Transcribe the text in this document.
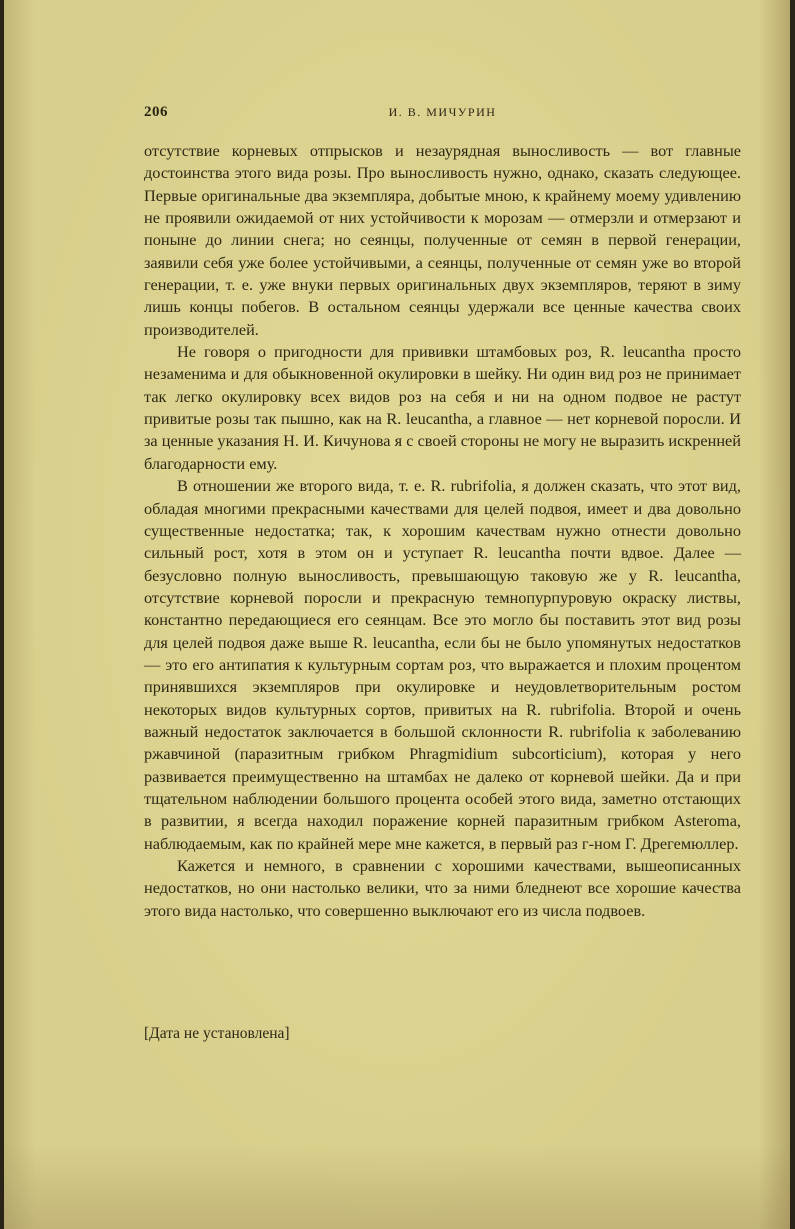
206	И. В. МИЧУРИН

отсутствие корневых отпрысков и незаурядная выносливость — вот главные достоинства этого вида розы. Про выносливость нужно, однако, сказать следующее. Первые оригинальные два экземпляра, добытые мною, к крайнему моему удивлению не проявили ожидаемой от них устойчивости к морозам — отмерзли и отмерзают и поныне до линии снега; но сеянцы, полученные от семян в первой генерации, заявили себя уже более устойчивыми, а сеянцы, полученные от семян уже во второй генерации, т. е. уже внуки первых оригинальных двух экземпляров, теряют в зиму лишь концы побегов. В остальном сеянцы удержали все ценные качества своих производителей.

Не говоря о пригодности для прививки штамбовых роз, R. leucantha просто незаменима и для обыкновенной окулировки в шейку. Ни один вид роз не принимает так легко окулировку всех видов роз на себя и ни на одном подвое не растут привитые розы так пышно, как на R. leucantha, а главное — нет корневой поросли. И за ценные указания Н. И. Кичунова я с своей стороны не могу не выразить искренней благодарности ему.

В отношении же второго вида, т. е. R. rubrifolia, я должен сказать, что этот вид, обладая многими прекрасными качествами для целей подвоя, имеет и два довольно существенные недостатка; так, к хорошим качествам нужно отнести довольно сильный рост, хотя в этом он и уступает R. leucantha почти вдвое. Далее — безусловно полную выносливость, превышающую таковую же у R. leucantha, отсутствие корневой поросли и прекрасную темнопурпуровую окраску листвы, константно передающиеся его сеянцам. Все это могло бы поставить этот вид розы для целей подвоя даже выше R. leucantha, если бы не было упомянутых недостатков — это его антипатия к культурным сортам роз, что выражается и плохим процентом принявшихся экземпляров при окулировке и неудовлетворительным ростом некоторых видов культурных сортов, привитых на R. rubrifolia. Второй и очень важный недостаток заключается в большой склонности R. rubrifolia к заболеванию ржавчиной (паразитным грибком Phragmidium subcorticium), которая у него развивается преимущественно на штамбах не далеко от корневой шейки. Да и при тщательном наблюдении большого процента особей этого вида, заметно отстающих в развитии, я всегда находил поражение корней паразитным грибком Asteroma, наблюдаемым, как по крайней мере мне кажется, в первый раз г-ном Г. Дрегемюллер.

Кажется и немного, в сравнении с хорошими качествами, вышеописанных недостатков, но они настолько велики, что за ними бледнеют все хорошие качества этого вида настолько, что совершенно выключают его из числа подвоев.

[Дата не установлена]
